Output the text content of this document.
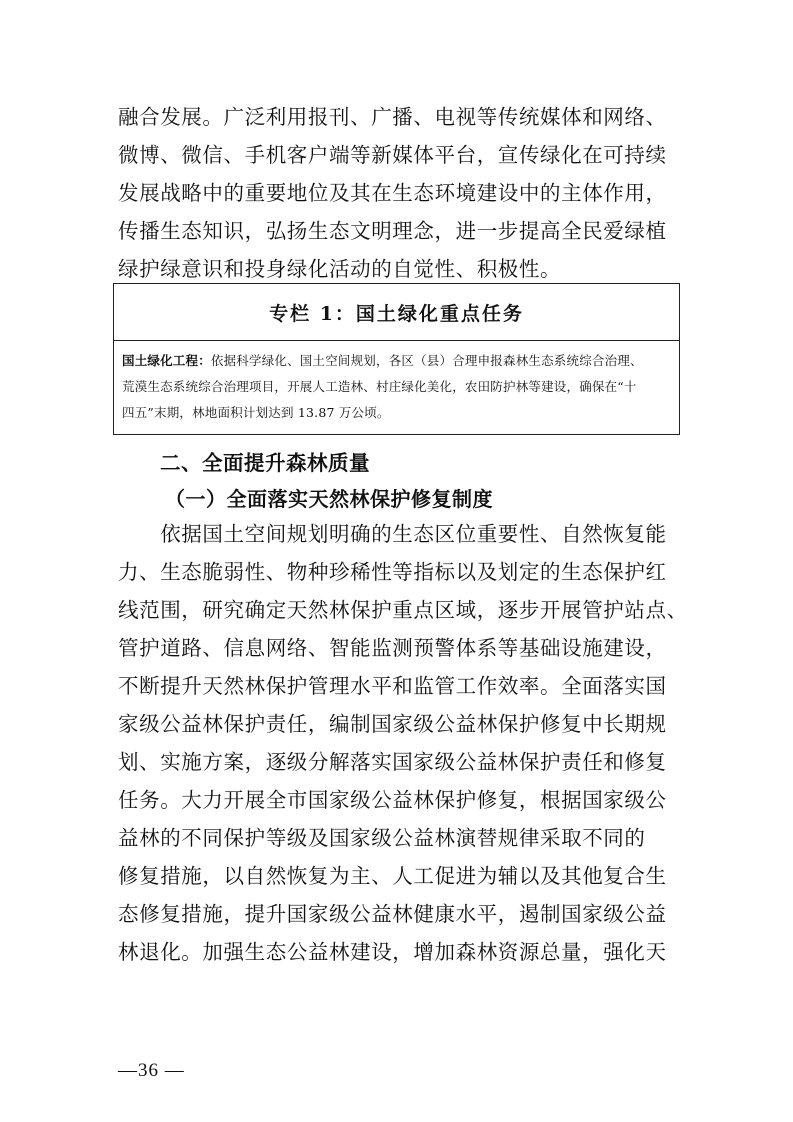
融合发展。广泛利用报刊、广播、电视等传统媒体和网络、
微博、微信、手机客户端等新媒体平台，宣传绿化在可持续
发展战略中的重要地位及其在生态环境建设中的主体作用，
传播生态知识，弘扬生态文明理念，进一步提高全民爱绿植
绿护绿意识和投身绿化活动的自觉性、积极性。
专栏 1：国土绿化重点任务
国土绿化工程：依据科学绿化、国土空间规划，各区（县）合理申报森林生态系统综合治理、
荒漠生态系统综合治理项目，开展人工造林、村庄绿化美化，农田防护林等建设，确保在“十
四五”末期，林地面积计划达到 13.87 万公顷。
二、全面提升森林质量
（一）全面落实天然林保护修复制度
　　依据国土空间规划明确的生态区位重要性、自然恢复能
力、生态脆弱性、物种珍稀性等指标以及划定的生态保护红
线范围，研究确定天然林保护重点区域，逐步开展管护站点、
管护道路、信息网络、智能监测预警体系等基础设施建设，
不断提升天然林保护管理水平和监管工作效率。全面落实国
家级公益林保护责任，编制国家级公益林保护修复中长期规
划、实施方案，逐级分解落实国家级公益林保护责任和修复
任务。大力开展全市国家级公益林保护修复，根据国家级公
益林的不同保护等级及国家级公益林演替规律采取不同的
修复措施，以自然恢复为主、人工促进为辅以及其他复合生
态修复措施，提升国家级公益林健康水平，遏制国家级公益
林退化。加强生态公益林建设，增加森林资源总量，强化天
—36 —
